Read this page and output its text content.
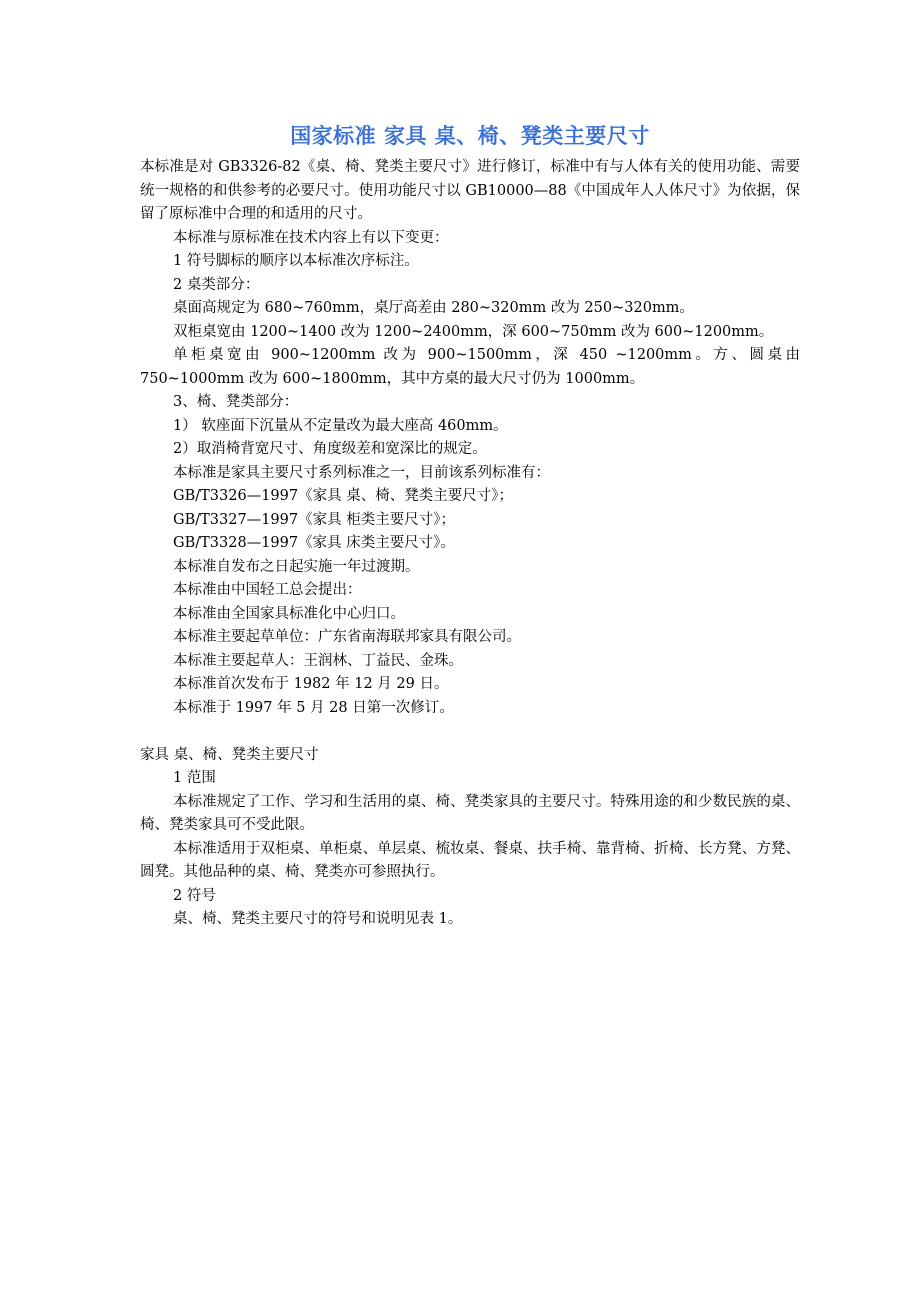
国家标准 家具 桌、椅、凳类主要尺寸

本标准是对 GB3326-82《桌、椅、凳类主要尺寸》进行修订，标准中有与人体有关的使用功能、需要统一规格的和供参考的必要尺寸。使用功能尺寸以 GB10000—88《中国成年人人体尺寸》为依据，保留了原标准中合理的和适用的尺寸。

本标准与原标准在技术内容上有以下变更：

1 符号脚标的顺序以本标准次序标注。

2 桌类部分：

桌面高规定为 680~760mm，桌厅高差由 280~320mm 改为 250~320mm。

双柜桌宽由 1200~1400 改为 1200~2400mm，深 600~750mm 改为 600~1200mm。

单柜桌宽由 900~1200mm 改为 900~1500mm，深 450 ~1200mm。方、圆桌由 750~1000mm 改为 600~1800mm，其中方桌的最大尺寸仍为 1000mm。

3、椅、凳类部分：

1） 软座面下沉量从不定量改为最大座高 460mm。

2）取消椅背宽尺寸、角度级差和宽深比的规定。

本标准是家具主要尺寸系列标准之一，目前该系列标准有：

GB/T3326—1997《家具 桌、椅、凳类主要尺寸》；

GB/T3327—1997《家具 柜类主要尺寸》；

GB/T3328—1997《家具 床类主要尺寸》。

本标准自发布之日起实施一年过渡期。

本标准由中国轻工总会提出：

本标准由全国家具标准化中心归口。

本标准主要起草单位：广东省南海联邦家具有限公司。

本标准主要起草人：王润林、丁益民、金珠。

本标准首次发布于 1982 年 12 月 29 日。

本标准于 1997 年 5 月 28 日第一次修订。

家具 桌、椅、凳类主要尺寸

1 范围

本标准规定了工作、学习和生活用的桌、椅、凳类家具的主要尺寸。特殊用途的和少数民族的桌、椅、凳类家具可不受此限。

本标准适用于双柜桌、单柜桌、单层桌、梳妆桌、餐桌、扶手椅、靠背椅、折椅、长方凳、方凳、圆凳。其他品种的桌、椅、凳类亦可参照执行。

2 符号

桌、椅、凳类主要尺寸的符号和说明见表 1。
